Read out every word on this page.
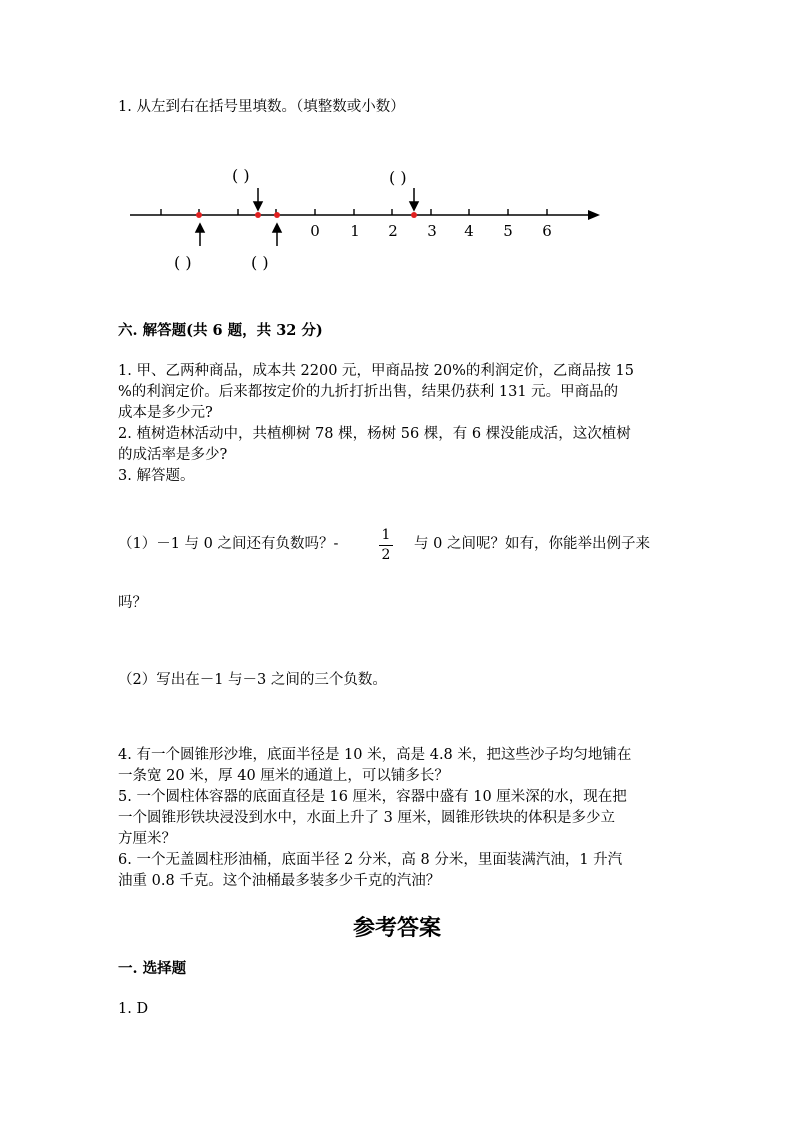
1. 从左到右在括号里填数。（填整数或小数）
0 1 2 3 4 5 6
( )	( )
( )	( )
六. 解答题(共 6 题，共 32 分)
1. 甲、乙两种商品，成本共 2200 元，甲商品按 20%的利润定价，乙商品按 15
%的利润定价。后来都按定价的九折打折出售，结果仍获利 131 元。甲商品的
成本是多少元?
2. 植树造林活动中，共植柳树 78 棵，杨树 56 棵，有 6 棵没能成活，这次植树
的成活率是多少?
3. 解答题。
（1）－1 与 0 之间还有负数吗？-
1
2
与 0 之间呢？如有，你能举出例子来
吗？
（2）写出在－1 与－3 之间的三个负数。
4. 有一个圆锥形沙堆，底面半径是 10 米，高是 4.8 米，把这些沙子均匀地铺在
一条宽 20 米，厚 40 厘米的通道上，可以铺多长？
5. 一个圆柱体容器的底面直径是 16 厘米，容器中盛有 10 厘米深的水，现在把
一个圆锥形铁块浸没到水中，水面上升了 3 厘米，圆锥形铁块的体积是多少立
方厘米？
6. 一个无盖圆柱形油桶，底面半径 2 分米，高 8 分米，里面装满汽油，1 升汽
油重 0.8 千克。这个油桶最多装多少千克的汽油？
参考答案
一. 选择题
1. D
